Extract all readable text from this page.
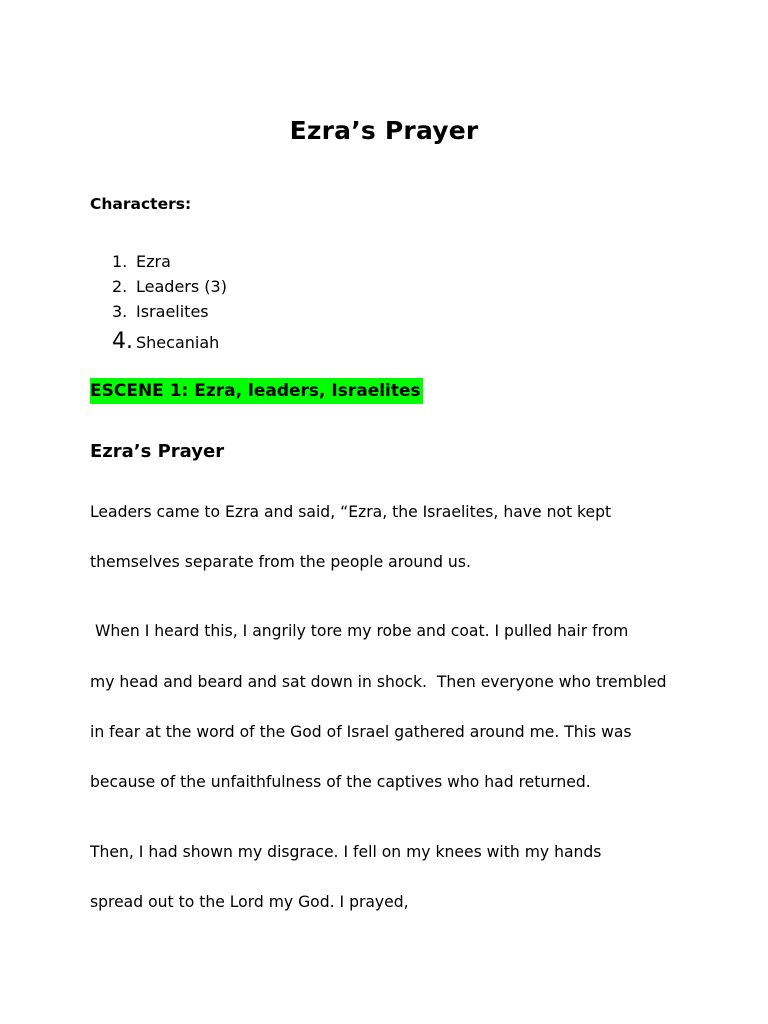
Ezra’s Prayer
Characters:
1. Ezra
2. Leaders (3)
3. Israelites
4. Shecaniah
ESCENE 1: Ezra, leaders, Israelites
Ezra’s Prayer
Leaders came to Ezra and said, “Ezra, the Israelites, have not kept
themselves separate from the people around us.
When I heard this, I angrily tore my robe and coat. I pulled hair from
my head and beard and sat down in shock.  Then everyone who trembled
in fear at the word of the God of Israel gathered around me. This was
because of the unfaithfulness of the captives who had returned.
Then, I had shown my disgrace. I fell on my knees with my hands
spread out to the Lord my God. I prayed,
